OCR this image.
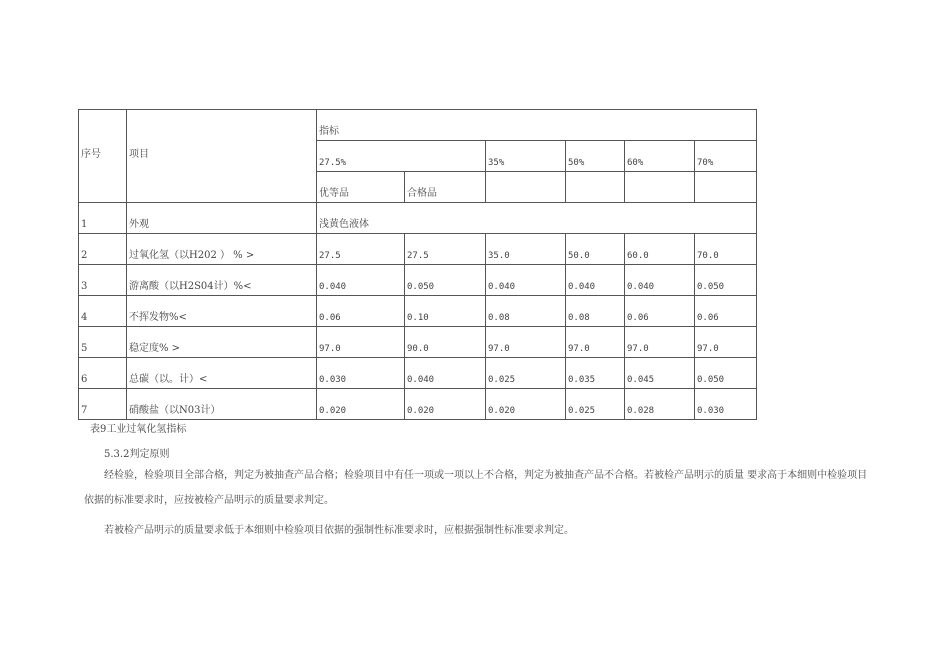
序号	项目	指标					
		27.5%		35%	50%	60%	70%
		优等品	合格品				
1	外观	浅黄色液体					
2	过氧化氢（以H202 ） % >	27.5	27.5	35.0	50.0	60.0	70.0
3	游离酸（以H2S04计）%<	0.040	0.050	0.040	0.040	0.040	0.050
4	不挥发物%<	0.06	0.10	0.08	0.08	0.06	0.06
5	稳定度% >	97.0	90.0	97.0	97.0	97.0	97.0
6	总碳（以。计）<	0.030	0.040	0.025	0.035	0.045	0.050
7	硝酸盐（以N03计）	0.020	0.020	0.020	0.025	0.028	0.030
表9工业过氧化氢指标
5.3.2判定原则

经检验，检验项目全部合格，判定为被抽查产品合格；检验项目中有任一项或一项以上不合格，判定为被抽查产品不合格。若被检产品明示的质量 要求高于本细则中检验项目依据的标准要求时，应按被检产品明示的质量要求判定。

若被检产品明示的质量要求低于本细则中检验项目依据的强制性标准要求时，应根据强制性标准要求判定。
